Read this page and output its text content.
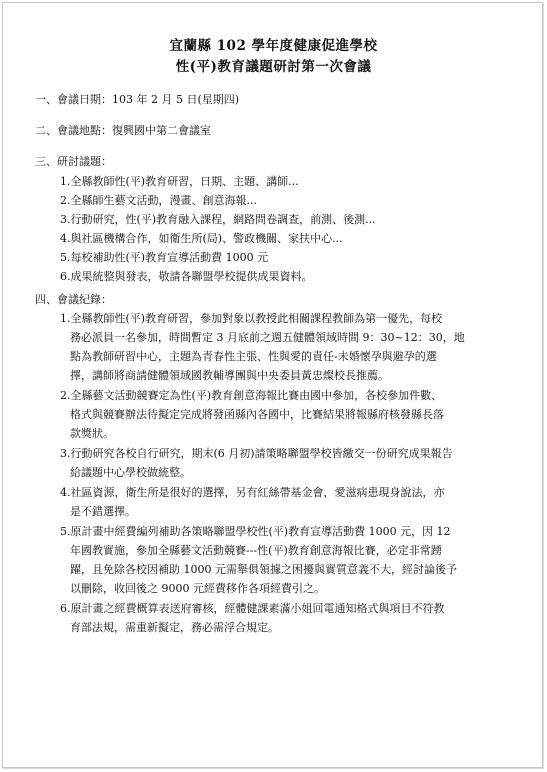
宜蘭縣 102 學年度健康促進學校
性(平)教育議題研討第一次會議
一、會議日期：103 年 2 月 5 日(星期四)
二、會議地點：復興國中第二會議室
三、研討議題：
1.全縣教師性(平)教育研習，日期、主題、講師...
2.全縣師生藝文活動，漫畫、創意海報...
3.行動研究，性(平)教育融入課程，網路問卷調查，前測、後測...
4.與社區機構合作，如衛生所(局)、警政機關、家扶中心...
5.每校補助性(平)教育宣導活動費 1000 元
6.成果統整與發表，敬請各聯盟學校提供成果資料。
四、會議紀錄：
1.全縣教師性(平)教育研習，參加對象以教授此相關課程教師為第一優先，每校
務必派員一名參加，時間暫定 3 月底前之週五健體領域時間 9：30~12：30，地
點為教師研習中心，主題為青春性主張、性與愛的責任-未婚懷孕與避孕的選
擇，講師將商請健體領域國教輔導團與中央委員黃忠燦校長推薦。
2.全縣藝文活動競賽定為性(平)教育創意海報比賽由國中參加，各校參加件數、
格式與競賽辦法待擬定完成將發函縣內各國中，比賽結果將報縣府核發縣長落
款獎狀。
3.行動研究各校自行研究，期末(6 月初)請策略聯盟學校皆繳交一份研究成果報告
給議題中心學校做統整。
4.社區資源，衛生所是很好的選擇，另有紅絲帶基金會，愛滋病患現身說法，亦
是不錯選擇。
5.原計畫中經費編列補助各策略聯盟學校性(平)教育宣導活動費 1000 元，因 12
年國教實施，參加全縣藝文活動競賽---性(平)教育創意海報比賽，必定非常踴
躍，且免除各校因補助 1000 元需舉俱領據之困擾與實質意義不大，經討論後予
以刪除，收回後之 9000 元經費移作各項經費引之。
6.原計畫之經費概算表送府審核，經體健課素滿小姐回電通知格式與項目不符教
育部法規，需重新擬定，務必需浮合規定。
